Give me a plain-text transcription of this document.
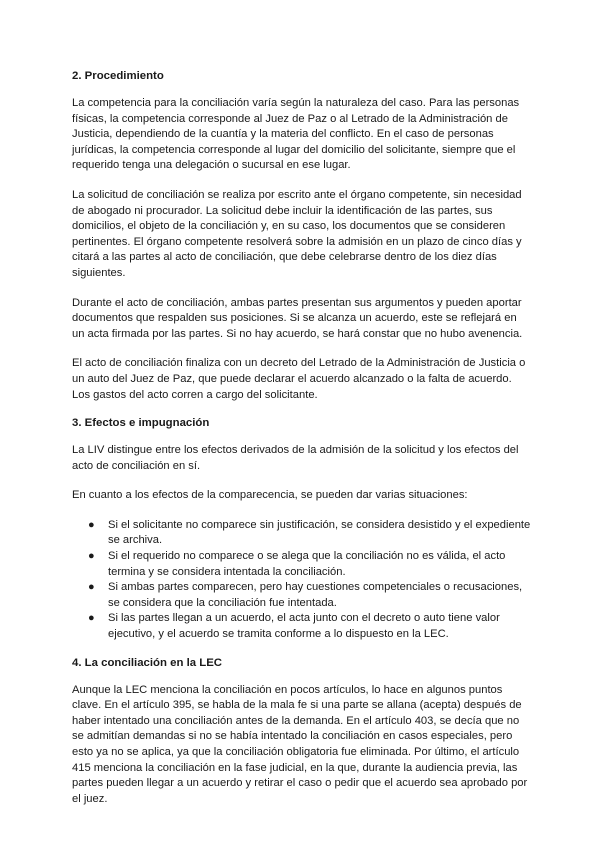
2. Procedimiento

La competencia para la conciliación varía según la naturaleza del caso. Para las personas físicas, la competencia corresponde al Juez de Paz o al Letrado de la Administración de Justicia, dependiendo de la cuantía y la materia del conflicto. En el caso de personas jurídicas, la competencia corresponde al lugar del domicilio del solicitante, siempre que el requerido tenga una delegación o sucursal en ese lugar.

La solicitud de conciliación se realiza por escrito ante el órgano competente, sin necesidad de abogado ni procurador. La solicitud debe incluir la identificación de las partes, sus domicilios, el objeto de la conciliación y, en su caso, los documentos que se consideren pertinentes. El órgano competente resolverá sobre la admisión en un plazo de cinco días y citará a las partes al acto de conciliación, que debe celebrarse dentro de los diez días siguientes.

Durante el acto de conciliación, ambas partes presentan sus argumentos y pueden aportar documentos que respalden sus posiciones. Si se alcanza un acuerdo, este se reflejará en un acta firmada por las partes. Si no hay acuerdo, se hará constar que no hubo avenencia.

El acto de conciliación finaliza con un decreto del Letrado de la Administración de Justicia o un auto del Juez de Paz, que puede declarar el acuerdo alcanzado o la falta de acuerdo. Los gastos del acto corren a cargo del solicitante.

3. Efectos e impugnación

La LIV distingue entre los efectos derivados de la admisión de la solicitud y los efectos del acto de conciliación en sí.

En cuanto a los efectos de la comparecencia, se pueden dar varias situaciones:

● Si el solicitante no comparece sin justificación, se considera desistido y el expediente se archiva.
● Si el requerido no comparece o se alega que la conciliación no es válida, el acto termina y se considera intentada la conciliación.
● Si ambas partes comparecen, pero hay cuestiones competenciales o recusaciones, se considera que la conciliación fue intentada.
● Si las partes llegan a un acuerdo, el acta junto con el decreto o auto tiene valor ejecutivo, y el acuerdo se tramita conforme a lo dispuesto en la LEC.
4. La conciliación en la LEC

Aunque la LEC menciona la conciliación en pocos artículos, lo hace en algunos puntos clave. En el artículo 395, se habla de la mala fe si una parte se allana (acepta) después de haber intentado una conciliación antes de la demanda. En el artículo 403, se decía que no se admitían demandas si no se había intentado la conciliación en casos especiales, pero esto ya no se aplica, ya que la conciliación obligatoria fue eliminada. Por último, el artículo 415 menciona la conciliación en la fase judicial, en la que, durante la audiencia previa, las partes pueden llegar a un acuerdo y retirar el caso o pedir que el acuerdo sea aprobado por el juez.
